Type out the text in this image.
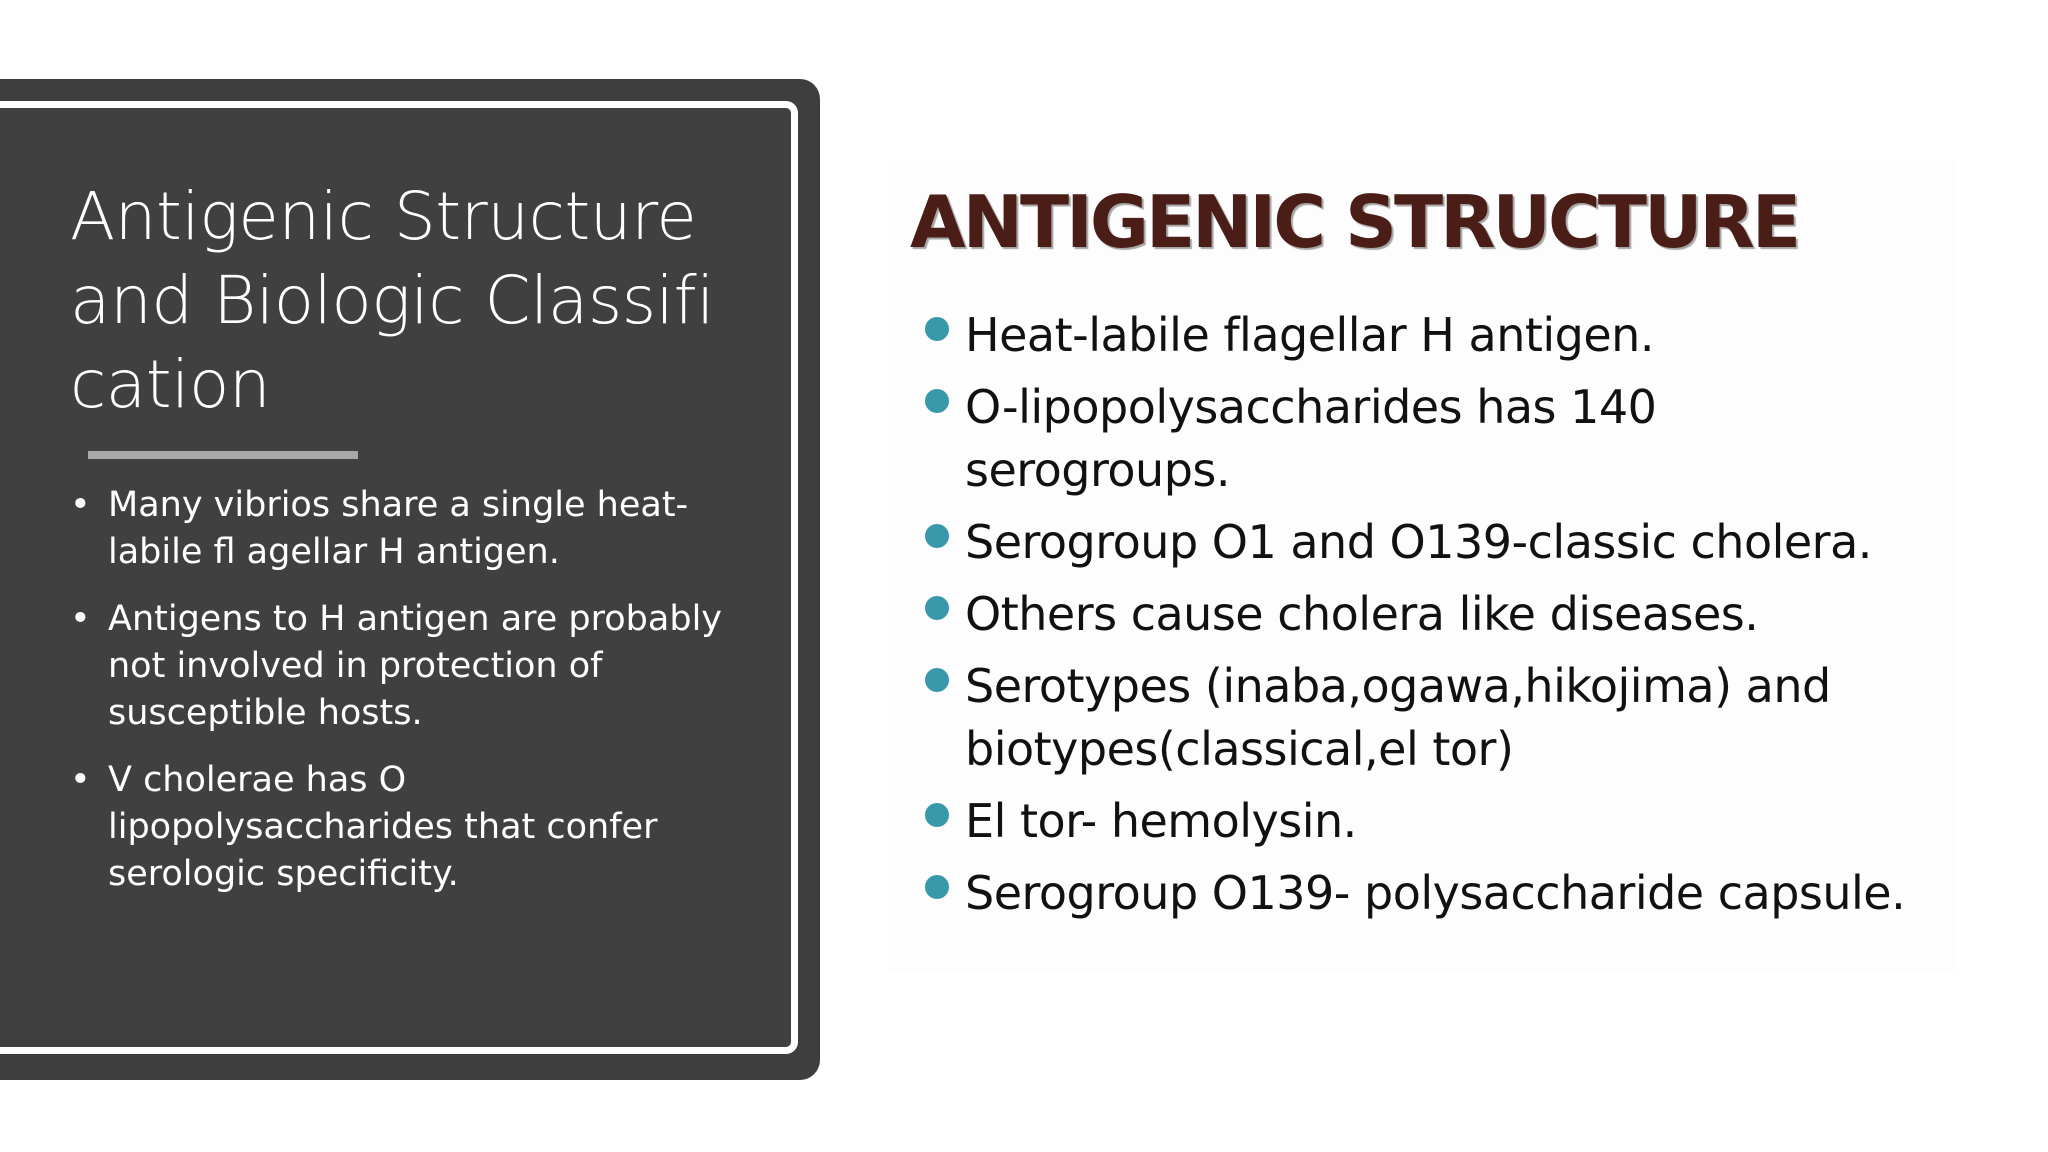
Antigenic Structure and Biologic Classifi cation
• Many vibrios share a single heat-labile fl agellar H antigen.
• Antigens to H antigen are probably not involved in protection of susceptible hosts.
• V cholerae has O lipopolysaccharides that confer serologic specificity.
ANTIGENIC STRUCTURE
Heat-labile flagellar H antigen.
O-lipopolysaccharides has 140 serogroups.
Serogroup O1 and O139-classic cholera.
Others cause cholera like diseases.
Serotypes (inaba,ogawa,hikojima) and biotypes(classical,el tor)
El tor- hemolysin.
Serogroup O139- polysaccharide capsule.
